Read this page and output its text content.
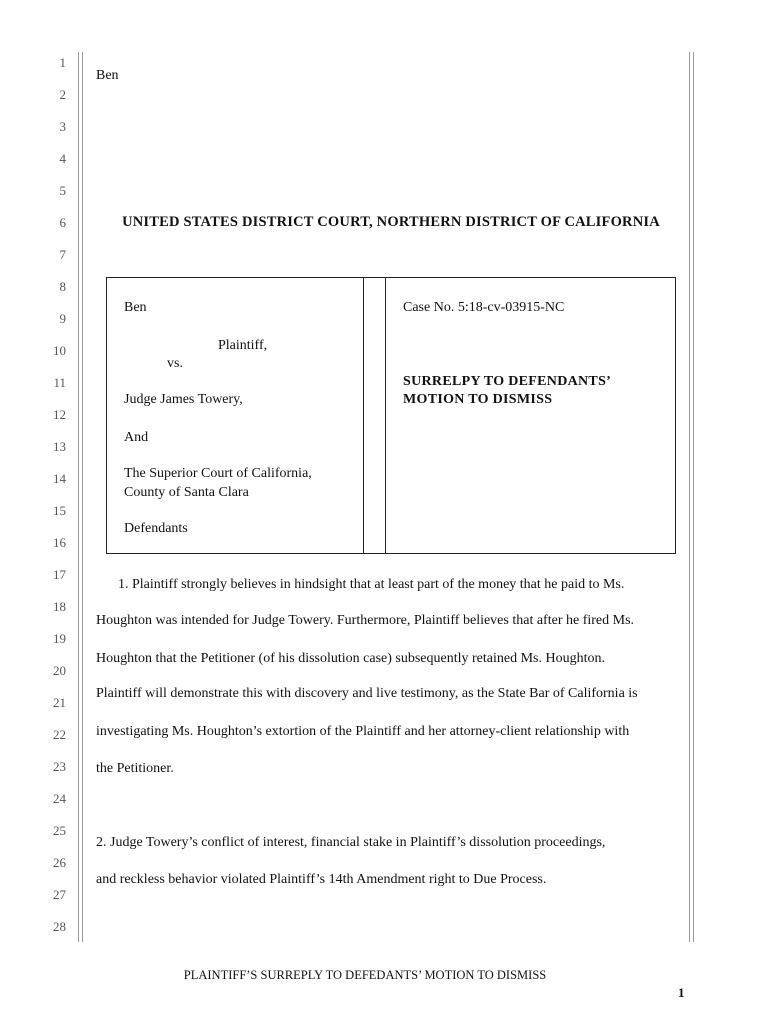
1
2
3
4
5
6
7
8
9
10
11
12
13
14
15
16
17
18
19
20
21
22
23
24
25
26
27
28
Ben
UNITED STATES DISTRICT COURT, NORTHERN DISTRICT OF CALIFORNIA
Ben
Plaintiff,
vs.
Judge James Towery,
And
The Superior Court of California,
County of Santa Clara
Defendants
Case No. 5:18-cv-03915-NC
SURRELPY TO DEFENDANTS’
MOTION TO DISMISS
1. Plaintiff strongly believes in hindsight that at least part of the money that he paid to Ms.
Houghton was intended for Judge Towery. Furthermore, Plaintiff believes that after he fired Ms.
Houghton that the Petitioner (of his dissolution case) subsequently retained Ms. Houghton.
Plaintiff will demonstrate this with discovery and live testimony, as the State Bar of California is
investigating Ms. Houghton’s extortion of the Plaintiff and her attorney-client relationship with
the Petitioner.
2. Judge Towery’s conflict of interest, financial stake in Plaintiff’s dissolution proceedings,
and reckless behavior violated Plaintiff’s 14th Amendment right to Due Process.
PLAINTIFF’S SURREPLY TO DEFEDANTS’ MOTION TO DISMISS
1
